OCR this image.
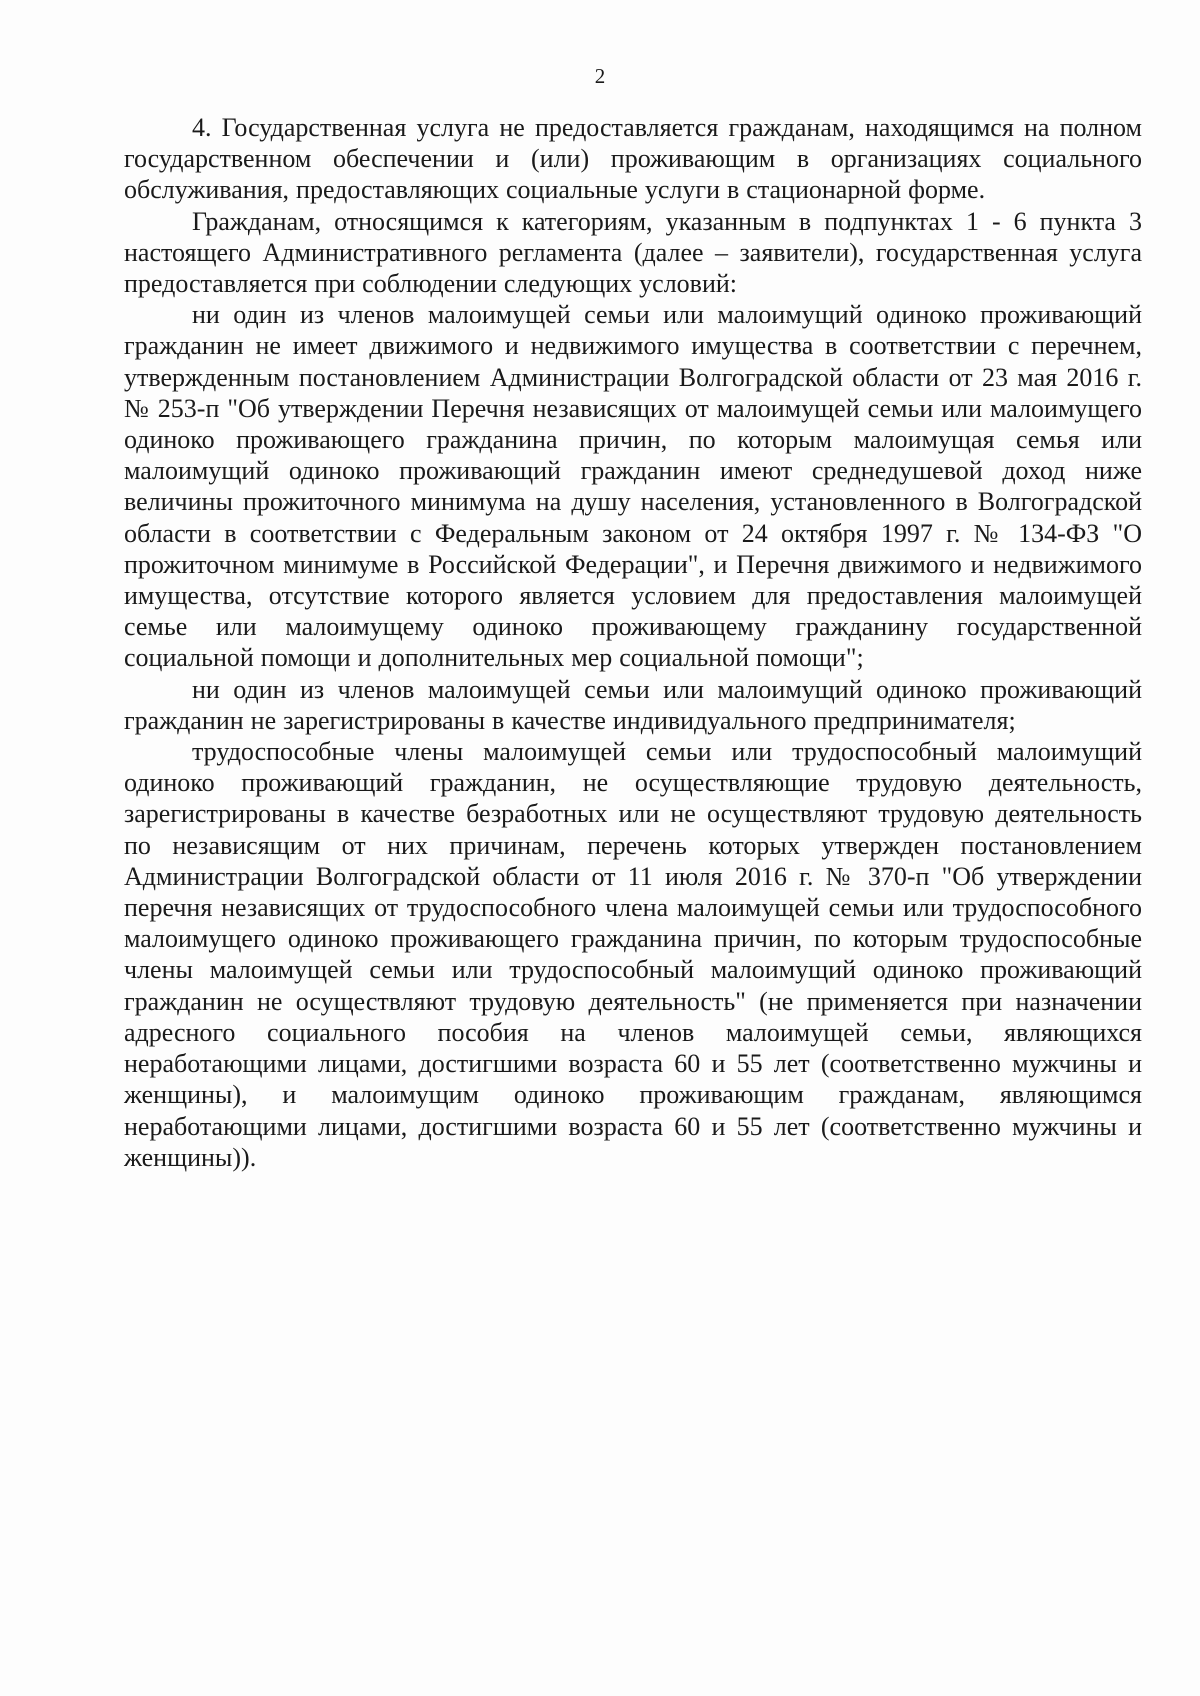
2

4. Государственная услуга не предоставляется гражданам, находящимся на полном государственном обеспечении и (или) проживающим в организациях социального обслуживания, предоставляющих социальные услуги в стационарной форме.

Гражданам, относящимся к категориям, указанным в подпунктах 1 - 6 пункта 3 настоящего Административного регламента (далее – заявители), государственная услуга предоставляется при соблюдении следующих условий:

ни один из членов малоимущей семьи или малоимущий одиноко проживающий гражданин не имеет движимого и недвижимого имущества в соответствии с перечнем, утвержденным постановлением Администрации Волгоградской области от 23 мая 2016 г. № 253-п "Об утверждении Перечня независящих от малоимущей семьи или малоимущего одиноко проживающего гражданина причин, по которым малоимущая семья или малоимущий одиноко проживающий гражданин имеют среднедушевой доход ниже величины прожиточного минимума на душу населения, установленного в Волгоградской области в соответствии с Федеральным законом от 24 октября 1997 г. № 134-ФЗ "О прожиточном минимуме в Российской Федерации", и Перечня движимого и недвижимого имущества, отсутствие которого является условием для предоставления малоимущей семье или малоимущему одиноко проживающему гражданину государственной социальной помощи и дополнительных мер социальной помощи";

ни один из членов малоимущей семьи или малоимущий одиноко проживающий гражданин не зарегистрированы в качестве индивидуального предпринимателя;

трудоспособные члены малоимущей семьи или трудоспособный малоимущий одиноко проживающий гражданин, не осуществляющие трудовую деятельность, зарегистрированы в качестве безработных или не осуществляют трудовую деятельность по независящим от них причинам, перечень которых утвержден постановлением Администрации Волгоградской области от 11 июля 2016 г. № 370-п "Об утверждении перечня независящих от трудоспособного члена малоимущей семьи или трудоспособного малоимущего одиноко проживающего гражданина причин, по которым трудоспособные члены малоимущей семьи или трудоспособный малоимущий одиноко проживающий гражданин не осуществляют трудовую деятельность" (не применяется при назначении адресного социального пособия на членов малоимущей семьи, являющихся неработающими лицами, достигшими возраста 60 и 55 лет (соответственно мужчины и женщины), и малоимущим одиноко проживающим гражданам, являющимся неработающими лицами, достигшими возраста 60 и 55 лет (соответственно мужчины и женщины)).
